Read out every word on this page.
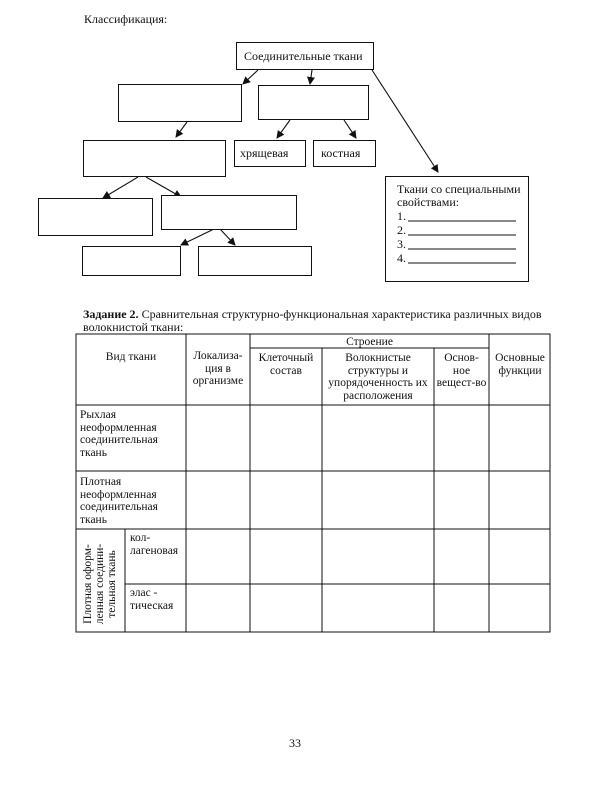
Классификация:
Соединительные ткани
хрящевая	костная
Ткани со специальными свойствами:
1.
2.
3.
4.
Задание 2. Сравнительная структурно-функциональная характеристика различных видов волокнистой ткани:
Вид ткани	Локализа-ция в организме
Строение
Клеточный состав
Волокнистые структуры и упорядоченность их расположения
Основ-ное вещест-во
Основные функции
Рыхлая неоформленная соединительная ткань
Плотная неоформленная соединительная ткань
Плотная оформ-ленная соедини-тельная ткань
кол-лагеновая
элас - тическая
33
